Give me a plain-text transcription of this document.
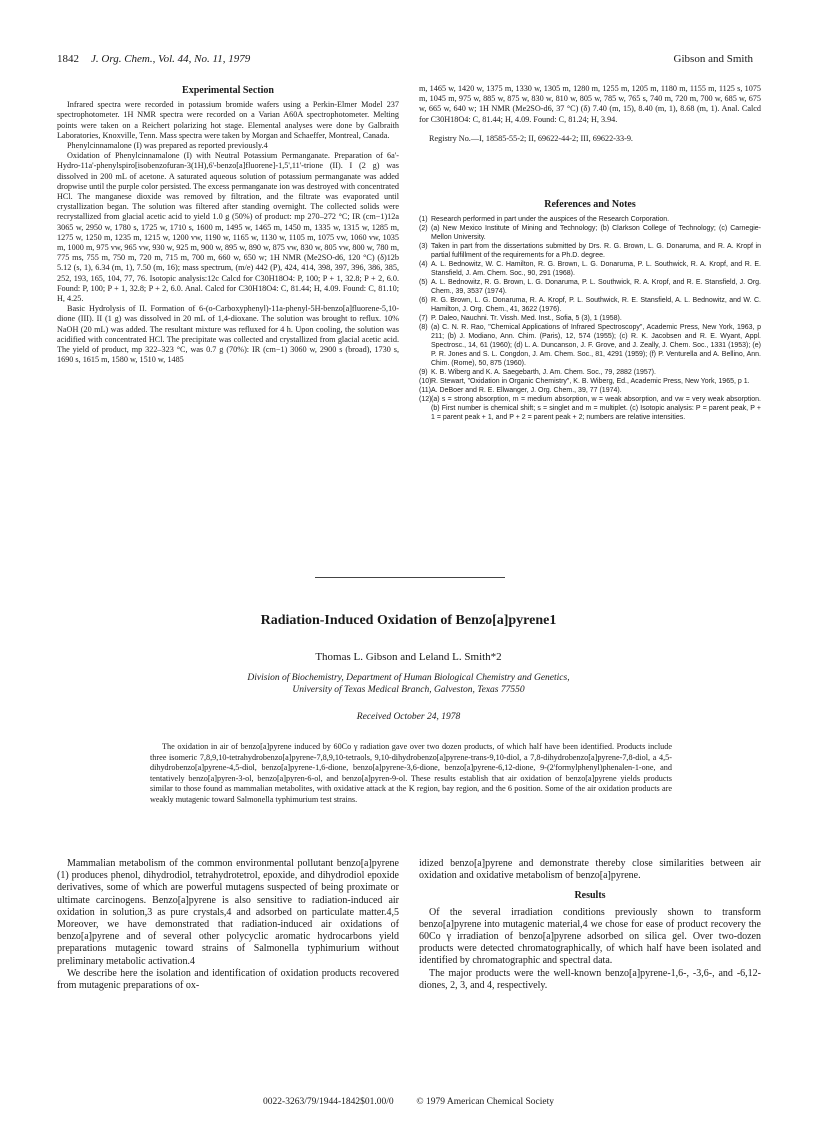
1842 J. Org. Chem., Vol. 44, No. 11, 1979	Gibson and Smith
Experimental Section

Infrared spectra were recorded in potassium bromide wafers using a Perkin-Elmer Model 237 spectrophotometer. 1H NMR spectra were recorded on a Varian A60A spectrophotometer. Melting points were taken on a Reichert polarizing hot stage. Elemental analyses were done by Galbraith Laboratories, Knoxville, Tenn. Mass spectra were taken by Morgan and Schaeffer, Montreal, Canada.

Phenylcinnamalone (I) was prepared as reported previously.4

Oxidation of Phenylcinnamalone (I) with Neutral Potassium Permanganate. Preparation of 6a'-Hydro-11a'-phenylspiro[isobenzofuran-3(1H),6'-benzo[a]fluorene]-1,5',11'-trione (II). I (2 g) was dissolved in 200 mL of acetone. A saturated aqueous solution of potassium permanganate was added dropwise until the purple color persisted. The excess permanganate ion was destroyed with concentrated HCl. The manganese dioxide was removed by filtration, and the filtrate was evaporated until crystallization began. The solution was filtered after standing overnight. The collected solids were recrystallized from glacial acetic acid to yield 1.0 g (50%) of product: mp 270–272 °C; IR (cm−1)12a 3065 w, 2950 w, 1780 s, 1725 w, 1710 s, 1600 m, 1495 w, 1465 m, 1450 m, 1335 w, 1315 w, 1285 m, 1275 w, 1250 m, 1235 m, 1215 w, 1200 vw, 1190 w, 1165 w, 1130 w, 1105 m, 1075 vw, 1060 vw, 1035 m, 1000 m, 975 vw, 965 vw, 930 w, 925 m, 900 w, 895 w, 890 w, 875 vw, 830 w, 805 vw, 800 w, 780 m, 775 ms, 755 m, 750 m, 720 m, 715 m, 700 m, 660 w, 650 w; 1H NMR (Me2SO-d6, 120 °C) (δ)12b 5.12 (s, 1), 6.34 (m, 1), 7.50 (m, 16); mass spectrum, (m/e) 442 (P), 424, 414, 398, 397, 396, 386, 385, 252, 193, 165, 104, 77, 76. Isotopic analysis:12c Calcd for C30H18O4: P, 100; P + 1, 32.8; P + 2, 6.0. Found: P, 100; P + 1, 32.8; P + 2, 6.0. Anal. Calcd for C30H18O4: C, 81.44; H, 4.09. Found: C, 81.10; H, 4.25.

Basic Hydrolysis of II. Formation of 6-(o-Carboxyphenyl)-11a-phenyl-5H-benzo[a]fluorene-5,10-dione (III). II (1 g) was dissolved in 20 mL of 1,4-dioxane. The solution was brought to reflux. 10% NaOH (20 mL) was added. The resultant mixture was refluxed for 4 h. Upon cooling, the solution was acidified with concentrated HCl. The precipitate was collected and crystallized from glacial acetic acid. The yield of product, mp 322–323 °C, was 0.7 g (70%): IR (cm−1) 3060 w, 2900 s (broad), 1730 s, 1690 s, 1615 m, 1580 w, 1510 w, 1485

m, 1465 w, 1420 w, 1375 m, 1330 w, 1305 m, 1280 m, 1255 m, 1205 m, 1180 m, 1155 m, 1125 s, 1075 m, 1045 m, 975 w, 885 w, 875 w, 830 w, 810 w, 805 w, 785 w, 765 s, 740 m, 720 m, 700 w, 685 w, 675 w, 665 w, 640 w; 1H NMR (Me2SO-d6, 37 °C) (δ) 7.40 (m, 15), 8.40 (m, 1), 8.68 (m, 1). Anal. Calcd for C30H18O4: C, 81.44; H, 4.09. Found: C, 81.24; H, 3.94.

Registry No.—I, 18585-55-2; II, 69622-44-2; III, 69622-33-9.

References and Notes
(1) Research performed in part under the auspices of the Research Corporation.
(2) (a) New Mexico Institute of Mining and Technology; (b) Clarkson College of Technology; (c) Carnegie-Mellon University.
(3) Taken in part from the dissertations submitted by Drs. R. G. Brown, L. G. Donaruma, and R. A. Kropf in partial fulfillment of the requirements for a Ph.D. degree.
(4) A. L. Bednowitz, W. C. Hamilton, R. G. Brown, L. G. Donaruma, P. L. Southwick, R. A. Kropf, and R. E. Stansfield, J. Am. Chem. Soc., 90, 291 (1968).
(5) A. L. Bednowitz, R. G. Brown, L. G. Donaruma, P. L. Southwick, R. A. Kropf, and R. E. Stansfield, J. Org. Chem., 39, 3537 (1974).
(6) R. G. Brown, L. G. Donaruma, R. A. Kropf, P. L. Southwick, R. E. Stansfield, A. L. Bednowitz, and W. C. Hamilton, J. Org. Chem., 41, 3622 (1976).
(7) P. Daleo, Nauchni. Tr. Vissh. Med. Inst., Sofia, 5 (3), 1 (1958).
(8) (a) C. N. R. Rao, "Chemical Applications of Infrared Spectroscopy", Academic Press, New York, 1963, p 211; (b) J. Modiano, Ann. Chim. (Paris), 12, 574 (1955); (c) R. K. Jacobsen and R. E. Wyant, Appl. Spectrosc., 14, 61 (1960); (d) L. A. Duncanson, J. F. Grove, and J. Zeally, J. Chem. Soc., 1331 (1953); (e) P. R. Jones and S. L. Congdon, J. Am. Chem. Soc., 81, 4291 (1959); (f) P. Venturella and A. Bellino, Ann. Chim. (Rome), 50, 875 (1960).
(9) K. B. Wiberg and K. A. Saegebarth, J. Am. Chem. Soc., 79, 2882 (1957).
(10) R. Stewart, "Oxidation in Organic Chemistry", K. B. Wiberg, Ed., Academic Press, New York, 1965, p 1.
(11) A. DeBoer and R. E. Ellwanger, J. Org. Chem., 39, 77 (1974).
(12) (a) s = strong absorption, m = medium absorption, w = weak absorption, and vw = very weak absorption. (b) First number is chemical shift; s = singlet and m = multiplet. (c) Isotopic analysis: P = parent peak, P + 1 = parent peak + 1, and P + 2 = parent peak + 2; numbers are relative intensities.
Radiation-Induced Oxidation of Benzo[a]pyrene1
Thomas L. Gibson and Leland L. Smith*2
Division of Biochemistry, Department of Human Biological Chemistry and Genetics,
University of Texas Medical Branch, Galveston, Texas 77550
Received October 24, 1978
The oxidation in air of benzo[a]pyrene induced by 60Co γ radiation gave over two dozen products, of which half have been identified. Products include three isomeric 7,8,9,10-tetrahydrobenzo[a]pyrene-7,8,9,10-tetraols, 9,10-dihydrobenzo[a]pyrene-trans-9,10-diol, a 7,8-dihydrobenzo[a]pyrene-7,8-diol, a 4,5-dihydrobenzo[a]pyrene-4,5-diol, benzo[a]pyrene-1,6-dione, benzo[a]pyrene-3,6-dione, benzo[a]pyrene-6,12-dione, 9-(2'formylphenyl)phenalen-1-one, and tentatively benzo[a]pyren-3-ol, benzo[a]pyren-6-ol, and benzo[a]pyren-9-ol. These results establish that air oxidation of benzo[a]pyrene yields products similar to those found as mammalian metabolites, with oxidative attack at the K region, bay region, and the 6 position. Some of the air oxidation products are weakly mutagenic toward Salmonella typhimurium test strains.

Mammalian metabolism of the common environmental pollutant benzo[a]pyrene (1) produces phenol, dihydrodiol, tetrahydrotetrol, epoxide, and dihydrodiol epoxide derivatives, some of which are powerful mutagens suspected of being proximate or ultimate carcinogens. Benzo[a]pyrene is also sensitive to radiation-induced air oxidation in solution,3 as pure crystals,4 and adsorbed on particulate matter.4,5 Moreover, we have demonstrated that radiation-induced air oxidations of benzo[a]pyrene and of several other polycyclic aromatic hydrocarbons yield preparations mutagenic toward strains of Salmonella typhimurium without preliminary metabolic activation.4

We describe here the isolation and identification of oxidation products recovered from mutagenic preparations of ox-

idized benzo[a]pyrene and demonstrate thereby close similarities between air oxidation and oxidative metabolism of benzo[a]pyrene.

Results

Of the several irradiation conditions previously shown to transform benzo[a]pyrene into mutagenic material,4 we chose for ease of product recovery the 60Co γ irradiation of benzo[a]pyrene adsorbed on silica gel. Over two-dozen products were detected chromatographically, of which half have been isolated and identified by chromatographic and spectral data.

The major products were the well-known benzo[a]pyrene-1,6-, -3,6-, and -6,12-diones, 2, 3, and 4, respectively.

0022-3263/79/1944-1842$01.00/0 © 1979 American Chemical Society
